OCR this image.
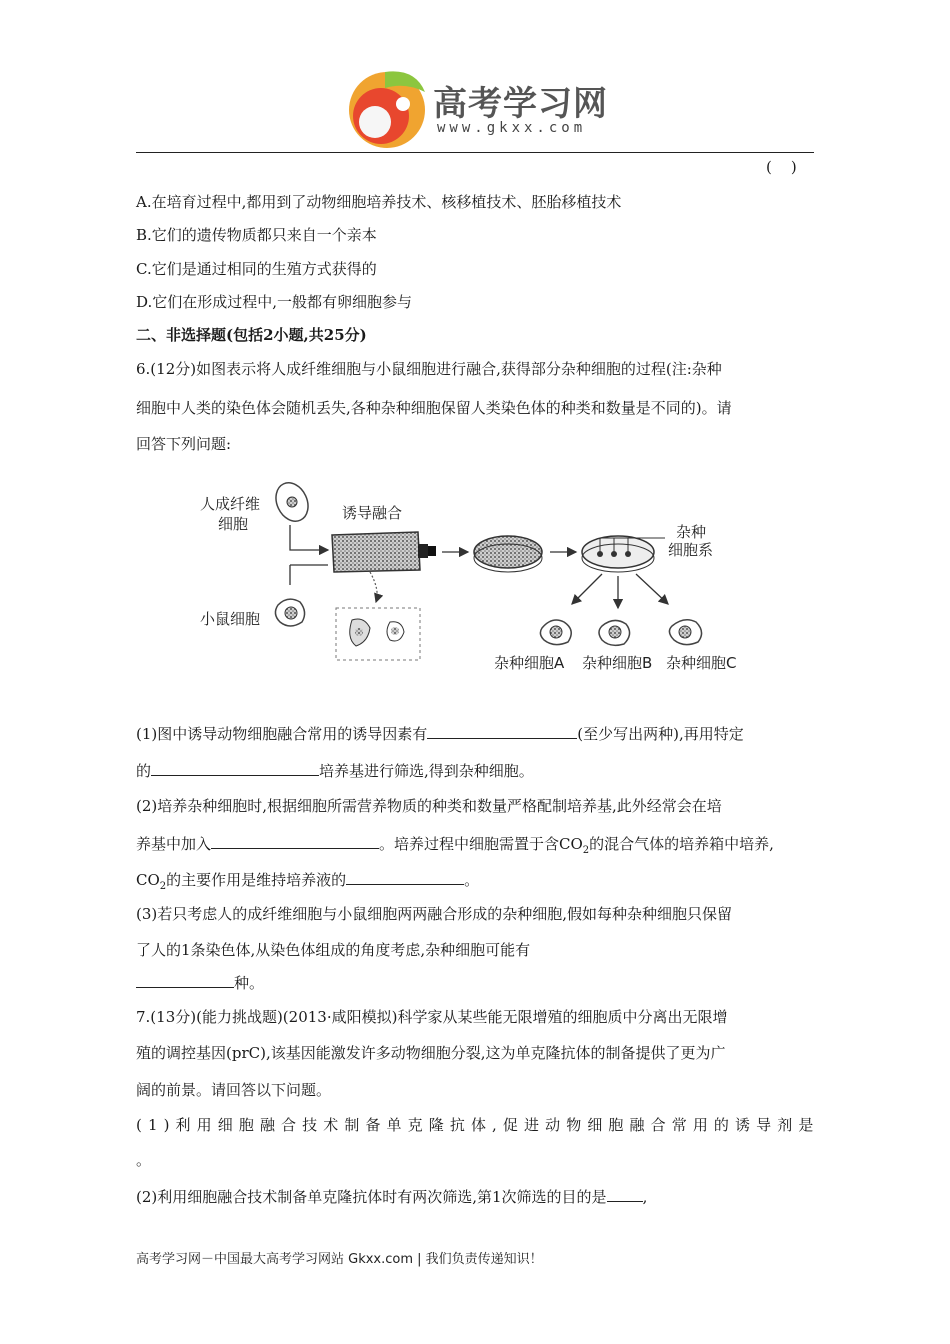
高考学习网
www.gkxx.com
(    )
A.在培育过程中,都用到了动物细胞培养技术、核移植技术、胚胎移植技术
B.它们的遗传物质都只来自一个亲本
C.它们是通过相同的生殖方式获得的
D.它们在形成过程中,一般都有卵细胞参与
二、非选择题(包括2小题,共25分)
6.(12分)如图表示将人成纤维细胞与小鼠细胞进行融合,获得部分杂种细胞的过程(注:杂种
细胞中人类的染色体会随机丢失,各种杂种细胞保留人类染色体的种类和数量是不同的)。请
回答下列问题:
人成纤维
细胞
诱导融合
小鼠细胞
杂种
细胞系
杂种细胞A 杂种细胞B 杂种细胞C
(1)图中诱导动物细胞融合常用的诱导因素有	(至少写出两种),再用特定
的	培养基进行筛选,得到杂种细胞。
(2)培养杂种细胞时,根据细胞所需营养物质的种类和数量严格配制培养基,此外经常会在培
养基中加入	。培养过程中细胞需置于含$CO_2$的混合气体的培养箱中培养,
$CO_2$的主要作用是维持培养液的	。
(3)若只考虑人的成纤维细胞与小鼠细胞两两融合形成的杂种细胞,假如每种杂种细胞只保留
了人的1条染色体,从染色体组成的角度考虑,杂种细胞可能有
种。
7.(13分)(能力挑战题)(2013·咸阳模拟)科学家从某些能无限增殖的细胞质中分离出无限增
殖的调控基因(prC),该基因能激发许多动物细胞分裂,这为单克隆抗体的制备提供了更为广
阔的前景。请回答以下问题。
(1)利用细胞融合技术制备单克隆抗体,促进动物细胞融合常用的诱导剂是
。
(2)利用细胞融合技术制备单克隆抗体时有两次筛选,第1次筛选的目的是 ,
高考学习网－中国最大高考学习网站 Gkxx.com | 我们负责传递知识！
